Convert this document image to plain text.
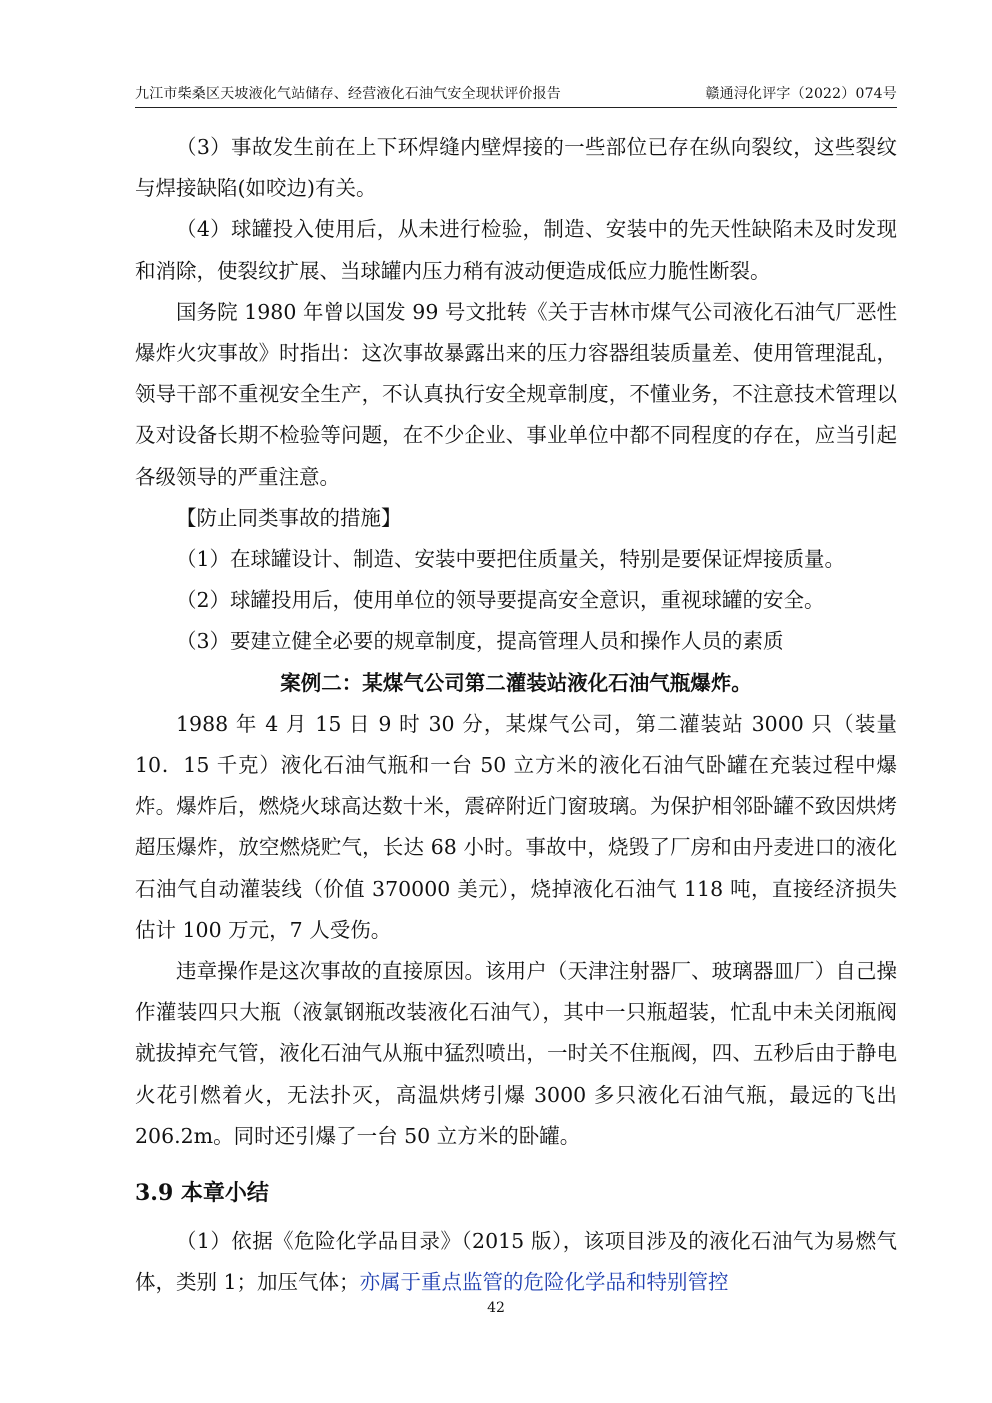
九江市柴桑区天坡液化气站储存、经营液化石油气安全现状评价报告	赣通浔化评字（2022）074号

（3）事故发生前在上下环焊缝内壁焊接的一些部位已存在纵向裂纹，这些裂纹与焊接缺陷(如咬边)有关。

（4）球罐投入使用后，从未进行检验，制造、安装中的先天性缺陷未及时发现和消除，使裂纹扩展、当球罐内压力稍有波动便造成低应力脆性断裂。

国务院 1980 年曾以国发 99 号文批转《关于吉林市煤气公司液化石油气厂恶性爆炸火灾事故》时指出：这次事故暴露出来的压力容器组装质量差、使用管理混乱，领导干部不重视安全生产，不认真执行安全规章制度，不懂业务，不注意技术管理以及对设备长期不检验等问题，在不少企业、事业单位中都不同程度的存在，应当引起各级领导的严重注意。

【防止同类事故的措施】

（1）在球罐设计、制造、安装中要把住质量关，特别是要保证焊接质量。

（2）球罐投用后，使用单位的领导要提高安全意识，重视球罐的安全。

（3）要建立健全必要的规章制度，提高管理人员和操作人员的素质

案例二：某煤气公司第二灌装站液化石油气瓶爆炸。

1988 年 4 月 15 日 9 时 30 分，某煤气公司，第二灌装站 3000 只（装量 10．15 千克）液化石油气瓶和一台 50 立方米的液化石油气卧罐在充装过程中爆炸。爆炸后，燃烧火球高达数十米，震碎附近门窗玻璃。为保护相邻卧罐不致因烘烤超压爆炸，放空燃烧贮气，长达 68 小时。事故中，烧毁了厂房和由丹麦进口的液化石油气自动灌装线（价值 370000 美元），烧掉液化石油气 118 吨，直接经济损失估计 100 万元，7 人受伤。

违章操作是这次事故的直接原因。该用户（天津注射器厂、玻璃器皿厂）自己操作灌装四只大瓶（液氯钢瓶改装液化石油气），其中一只瓶超装，忙乱中未关闭瓶阀就拔掉充气管，液化石油气从瓶中猛烈喷出，一时关不住瓶阀，四、五秒后由于静电火花引燃着火，无法扑灭，高温烘烤引爆 3000 多只液化石油气瓶，最远的飞出 206.2m。同时还引爆了一台 50 立方米的卧罐。

3.9 本章小结

（1）依据《危险化学品目录》（2015 版），该项目涉及的液化石油气为易燃气体，类别 1；加压气体；亦属于重点监管的危险化学品和特别管控

42
